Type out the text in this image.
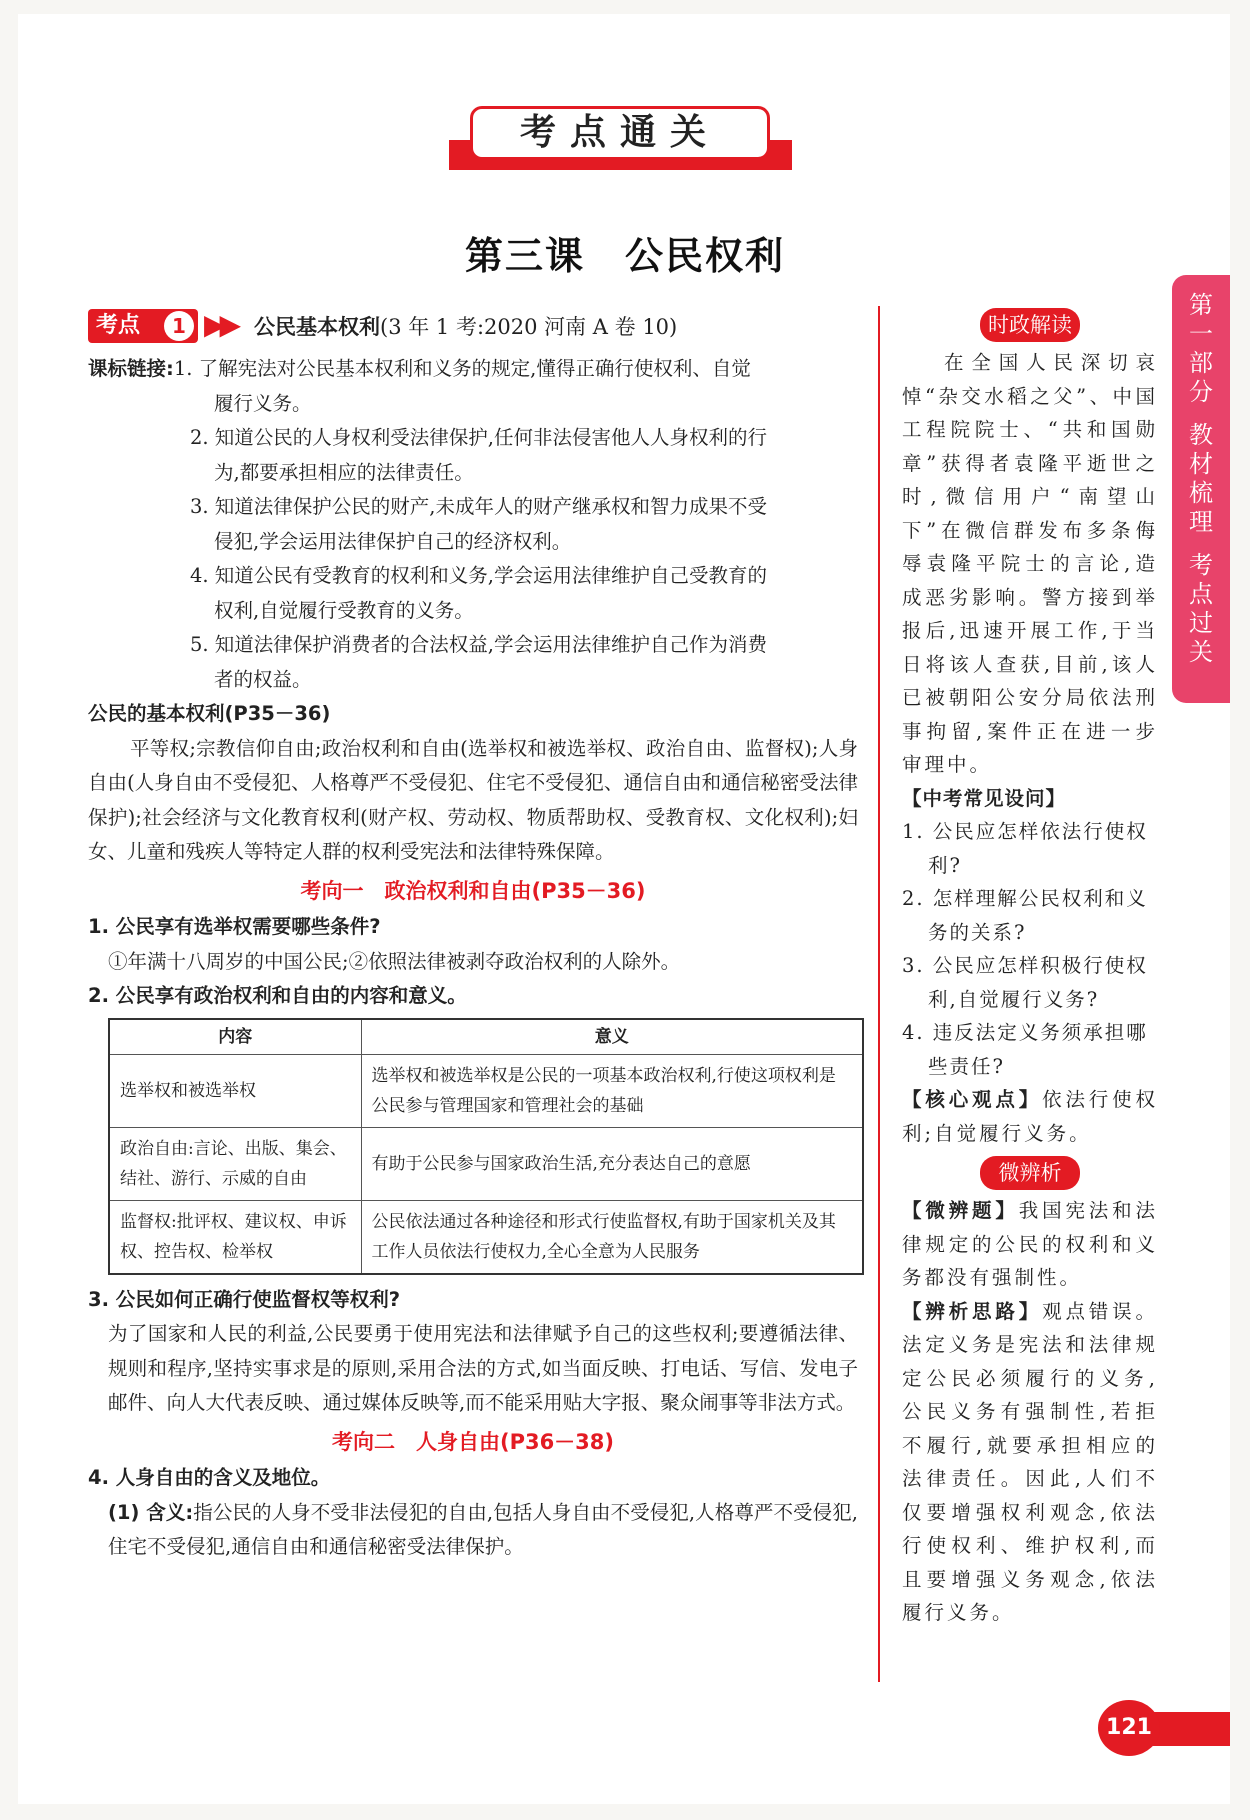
考点通关
第三课　公民权利
第
一
部
分
教
材
梳
理
考
点
过
关
考点	1 ▶▶ 公民基本权利(3 年 1 考:2020 河南 A 卷 10)
课标链接:1. 了解宪法对公民基本权利和义务的规定,懂得正确行使权利、自觉
履行义务。
2. 知道公民的人身权利受法律保护,任何非法侵害他人人身权利的行
为,都要承担相应的法律责任。
3. 知道法律保护公民的财产,未成年人的财产继承权和智力成果不受
侵犯,学会运用法律保护自己的经济权利。
4. 知道公民有受教育的权利和义务,学会运用法律维护自己受教育的
权利,自觉履行受教育的义务。
5. 知道法律保护消费者的合法权益,学会运用法律维护自己作为消费
者的权益。
公民的基本权利(P35－36)
平等权;宗教信仰自由;政治权利和自由(选举权和被选举权、政治自由、监督权);人身自由(人身自由不受侵犯、人格尊严不受侵犯、住宅不受侵犯、通信自由和通信秘密受法律保护);社会经济与文化教育权利(财产权、劳动权、物质帮助权、受教育权、文化权利);妇女、儿童和残疾人等特定人群的权利受宪法和法律特殊保障。
考向一　政治权利和自由(P35－36)
1. 公民享有选举权需要哪些条件?
①年满十八周岁的中国公民;②依照法律被剥夺政治权利的人除外。
2. 公民享有政治权利和自由的内容和意义。
内容	意义
选举权和被选举权	选举权和被选举权是公民的一项基本政治权利,行使这项权利是公民参与管理国家和管理社会的基础
政治自由:言论、出版、集会、结社、游行、示威的自由	有助于公民参与国家政治生活,充分表达自己的意愿
监督权:批评权、建议权、申诉权、控告权、检举权	公民依法通过各种途径和形式行使监督权,有助于国家机关及其工作人员依法行使权力,全心全意为人民服务
3. 公民如何正确行使监督权等权利?
为了国家和人民的利益,公民要勇于使用宪法和法律赋予自己的这些权利;要遵循法律、规则和程序,坚持实事求是的原则,采用合法的方式,如当面反映、打电话、写信、发电子邮件、向人大代表反映、通过媒体反映等,而不能采用贴大字报、聚众闹事等非法方式。
考向二　人身自由(P36－38)
4. 人身自由的含义及地位。
(1) 含义:指公民的人身不受非法侵犯的自由,包括人身自由不受侵犯,人格尊严不受侵犯,住宅不受侵犯,通信自由和通信秘密受法律保护。
时政解读
在全国人民深切哀悼“杂交水稻之父”、中国工程院院士、“共和国勋章”获得者袁隆平逝世之时,微信用户“南望山下”在微信群发布多条侮辱袁隆平院士的言论,造成恶劣影响。警方接到举报后,迅速开展工作,于当日将该人查获,目前,该人已被朝阳公安分局依法刑事拘留,案件正在进一步审理中。
【中考常见设问】
1. 公民应怎样依法行使权利?
2. 怎样理解公民权利和义务的关系?
3. 公民应怎样积极行使权利,自觉履行义务?
4. 违反法定义务须承担哪些责任?
【核心观点】依法行使权利;自觉履行义务。
微辨析
【微辨题】我国宪法和法律规定的公民的权利和义务都没有强制性。
【辨析思路】观点错误。法定义务是宪法和法律规定公民必须履行的义务,公民义务有强制性,若拒不履行,就要承担相应的法律责任。因此,人们不仅要增强权利观念,依法行使权利、维护权利,而且要增强义务观念,依法履行义务。
121
